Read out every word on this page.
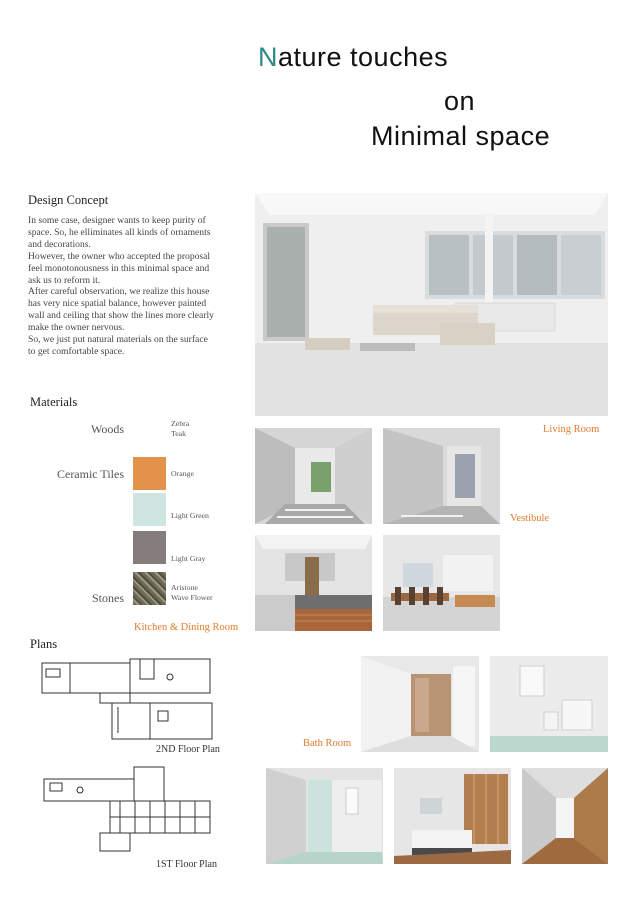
Nature touches
on
Minimal space
Design Concept
In some case, designer wants to keep purity of
space. So, he elliminates all kinds of ornaments
and decorations.
However, the owner who accepted the proposal
feel monotonousness in this minimal space and
ask us to reform it.
After careful observation, we realize this house
has very nice spatial balance, however painted
wall and ceiling that show the lines more clearly
make the owner nervous.
So, we just put natural materials on the surface
to get comfortable space.
Living Room
Materials
Woods	Zebra
Teak
Ceramic Tiles	Orange
Light Green
Light Gray
Stones
Aristone
Wave Flower
Vestibule
Kitchen & Dining Room
Plans
2ND Floor Plan
1ST Floor Plan
Bath Room
